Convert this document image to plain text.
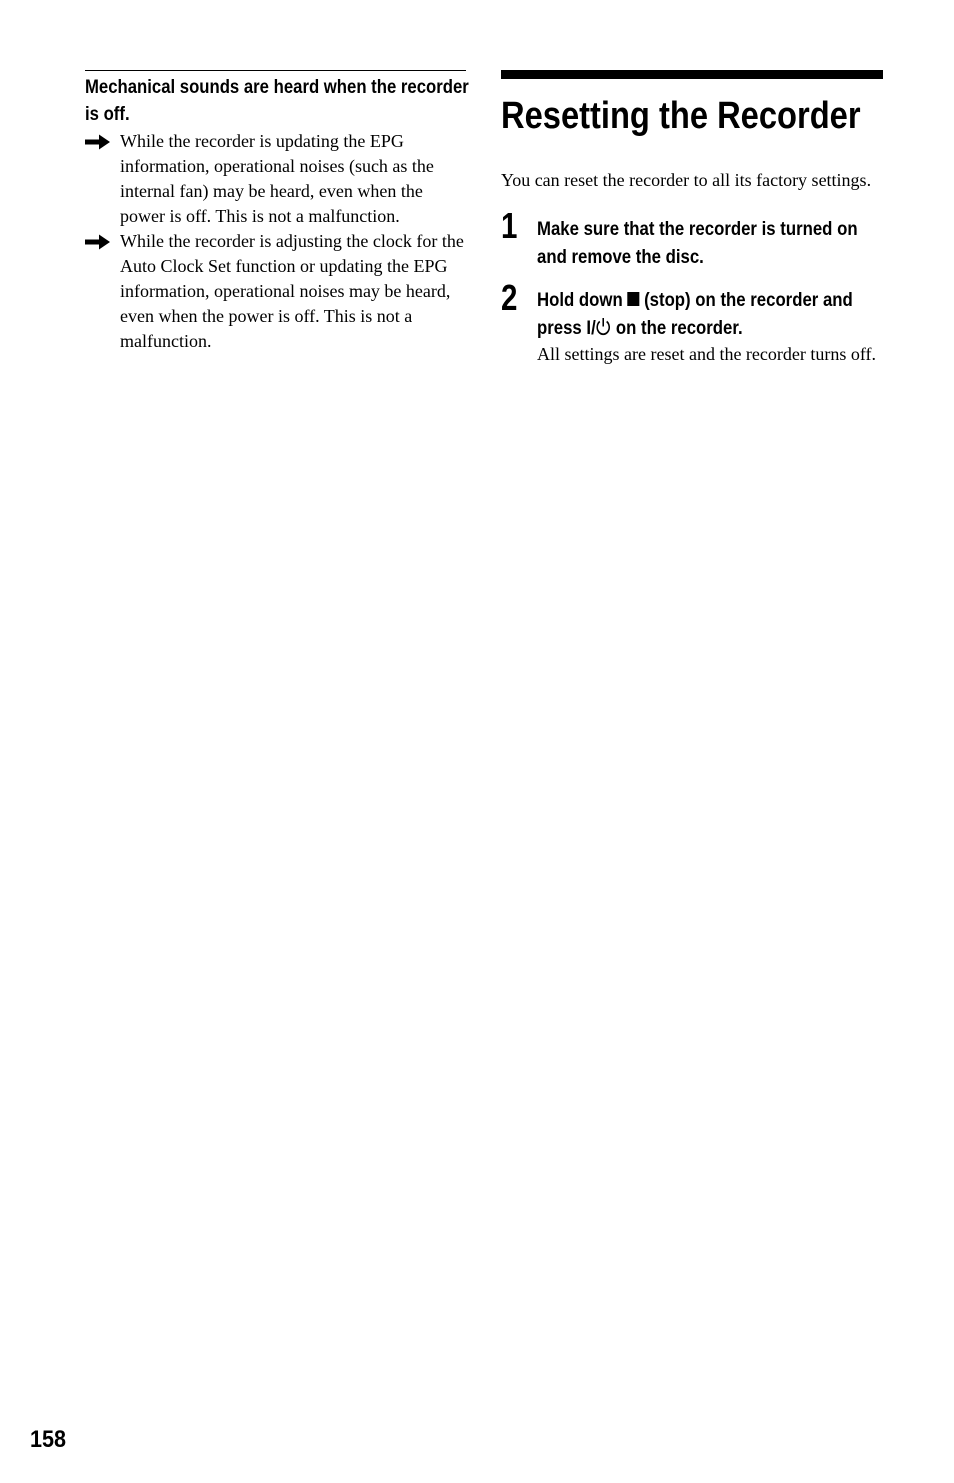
Mechanical sounds are heard when the recorder is off.
While the recorder is updating the EPG information, operational noises (such as the internal fan) may be heard, even when the power is off. This is not a malfunction.
While the recorder is adjusting the clock for the Auto Clock Set function or updating the EPG information, operational noises may be heard, even when the power is off. This is not a malfunction.
Resetting the Recorder
You can reset the recorder to all its factory settings.
1 Make sure that the recorder is turned on and remove the disc.
2 Hold down (stop) on the recorder and press I/ on the recorder.
All settings are reset and the recorder turns off.
158
